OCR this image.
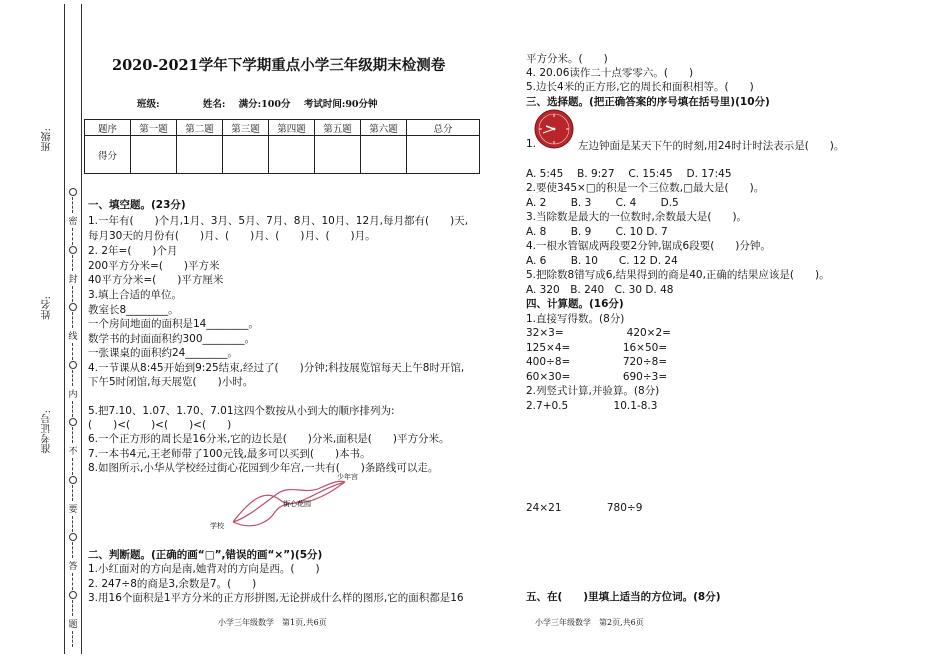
班级:
姓名:
准考证号:
密
封
线
内
不
要
答
题
2020-2021学年下学期重点小学三年级期末检测卷
班级:	姓名: 满分:100分 考试时间:90分钟
题序	第一题	第二题	第三题	第四题	第五题	第六题	总分
得分							
一、填空题。(23分)
1.一年有(　　)个月,1月、3月、5月、7月、8月、10月、12月,每月都有(　　)天,
每月30天的月份有(　　)月、(　　)月、(　　)月、(　　)月。
2. 2年=(　　)个月
200平方分米=(　　)平方米
40平方分米=(　　)平方厘米
3.填上合适的单位。
教室长8________。
一个房间地面的面积是14________。
数学书的封面面积约300________。
一张课桌的面积约24________。
4.一节课从8:45开始到9:25结束,经过了(　　)分钟;科技展览馆每天上午8时开馆,
下午5时闭馆,每天展览(　　)小时。
5.把7.10、1.07、1.70、7.01这四个数按从小到大的顺序排列为:
(　　)<(　　)<(　　)<(　　)
6.一个正方形的周长是16分米,它的边长是(　　)分米,面积是(　　)平方分米。
7.一本书4元,王老师带了100元钱,最多可以买到(　　)本书。
8.如图所示,小华从学校经过街心花园到少年宫,一共有(　　)条路线可以走。
学校
街心花园
少年宫
二、判断题。(正确的画“□”,错误的画“×”)(5分)
1.小红面对的方向是南,她背对的方向是西。(　　)
2. 247÷8的商是3,余数是7。(　　)
3.用16个面积是1平方分米的正方形拼图,无论拼成什么样的图形,它的面积都是16
平方分米。(　　)
4. 20.06读作二十点零零六。(　　)
5.边长4米的正方形,它的周长和面积相等。(　　)
三、选择题。(把正确答案的序号填在括号里)(10分)
1.	左边钟面是某天下午的时刻,用24时计时法表示是(　　)。
A. 5:45　 B. 9:27　 C. 15:45　 D. 17:45
2.要使345×□的积是一个三位数,□最大是(　　)。
A. 2　　 B. 3　　 C. 4　　 D.5
3.当除数是最大的一位数时,余数最大是(　　)。
A. 8　　 B. 9　　 C. 10 D. 7
4.一根水管锯成两段要2分钟,锯成6段要(　　)分钟。
A. 6　　 B. 10　　C. 12 D. 24
5.把除数8错写成6,结果得到的商是40,正确的结果应该是(　　)。
A. 320　B. 240　C. 30 D. 48
四、计算题。(16分)
1.直接写得数。(8分)
32×3=　　　　　　420×2=
125×4=　　　　　16×50=
400÷8=　　　　　720÷8=
60×30=　　　　　690÷3=
2.列竖式计算,并验算。(8分)
2.7+0.5　　　　 10.1-8.3
24×21　　　　 780÷9
五、在(　　)里填上适当的方位词。(8分)
小学三年级数学　第1页,共6页	小学三年级数学　第2页,共6页
